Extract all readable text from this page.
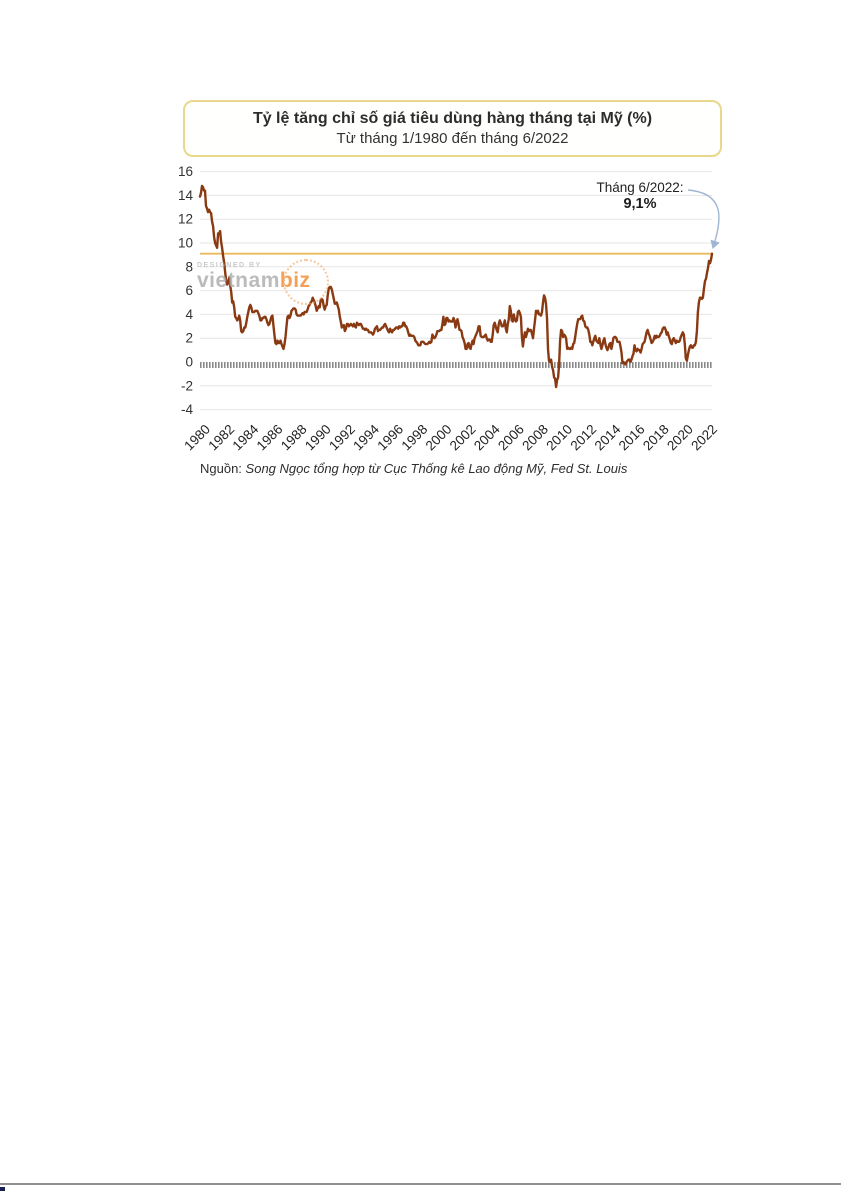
16
14
12
10
8
6
4
2
0
-2
-4
1980
1982
1984
1986
1988
1990
1992
1994
1996
1998
2000
2002
2004
2006
2008
2010
2012
2014
2016
2018
2020
2022
Tỷ lệ tăng chỉ số giá tiêu dùng hàng tháng tại Mỹ (%)
Từ tháng 1/1980 đến tháng 6/2022
DESIGNED BY
vietnambiz
Tháng 6/2022:
9,1%
Nguồn: Song Ngọc tổng hợp từ Cục Thống kê Lao động Mỹ, Fed St. Louis
